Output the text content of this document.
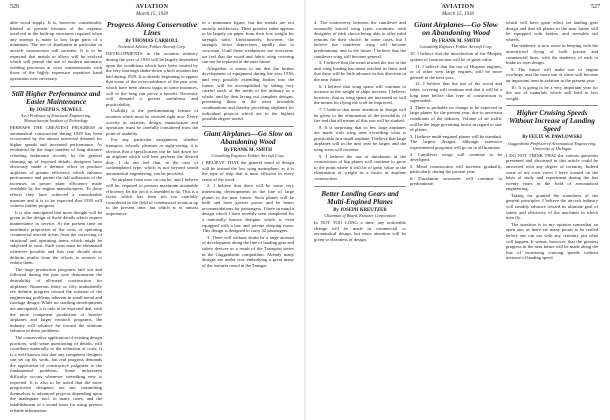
526	AVIATION
March 15, 1930

able wood supply. It is, however, considerably limited at present because of the expense involved in the built-up structures required when any attempt is made to box large parts of a minimum. The use of duralumin in particular in aircraft construction will increase. It is to be expected that metals or alloys will be evolved which will permit the use of modern automatic welding processes at costs commensurate with those of the highly expensive repetitive hand operations now necessary.

Still Higher Performance and Easier Maintenance

By JOSEPH S. NEWELL

Ass't Professor of Structural Engineering, Massachusetts Institute of Technology

PERHAPS THE GREATEST PROGRESS in aeronautical construction during 1929 has been occasioned by the almost universal demand for higher speeds and increased performance. As evidenced by the large number of long distance refueling endurance records, by the general cleaning up of exposed details, designers have obviously made a definite effort to produce airplanes of greater efficiency which enhance performance and permit the full utilization of the increases in power plant efficiency made available by the engine manufacturers. To these efforts they have achieved a considerable measure and it is to be expected that 1930 will witness further progress.

It is also anticipated that more thought will be given to the design of those details which require maintenance in service. At the present time an inordinate proportion of the costs of operating commercial aircraft arises from the correcting of structural and operating items which might be subjected to wear. Such costs must be eliminated wherever possible and this year should show definite results from the efforts to remove or reduce them.

The large production programs laid out and followed during the past year demonstrate the desirability of all-metal construction for airplanes. Numerous thirty or fifty undoubtedly see definite progress toward the solution of the engineering problems inherent in small metal and fuselage design. While no startling developments are anticipated, it is only to be expected that, with the more competent production of heavier airplanes and larger research programs, the industry will advance far toward the ultimate solution of these problems.

The conservative application of existing design practices, with some questioning of details, will contribute materially to the reduction of costs. It is a well-known fact that any competent designer can set up his work, but real progress demands the application of constructive judgment to the fundamental problems. Some unforeseen difficulty occurs whenever something new is expected. It is also to be noted that the more progressive designers are not committing themselves to advanced projects depending upon the inadequate tool, in many cases, and the establishment of a sound basis for using present reliable information.

Progress Along Conservative Lines

By THOMAS CARROLL

Technical Advisor, Fokker Aircraft Corp.

DEVELOPMENTS in the aviation industry during the year of 1930 will be largely dependent upon the conditions which have been created by the very thorough shake-down which aviation has had during 1929. It is already beginning to appear that some of the overconfidence of the past year, which have been almost tragic in some instances, will in the long run prove a benefit. Necessity will demand a greater usefulness and practicability.

Usability is the predominating feature of aviation which must be stressed right now. Every activity in aviation, design, manufacture and operation, must be carefully considered from the point of usability.

For any particular assignment, whether transport, schools, pleasure or sight-seeing, it is obvious that a specification can be laid down for an airplane which will best perform the desired duty. I do not feel that, in the case of contemplated type, which is not beyond sound aeronautical engineering, can be provided.

An airplane from now on can be, and I believe will be, required to possess maximum attainable efficiency for the job it is intended to do. This is a factor which has been not too carefully considered in the field of commercial aviation up to the present time, but which is of utmost importance.

in a minimum figure, but the metals are not entirely satisfactory. Their greatest value appears to be largely on paper from their low weight for strength ratio. Unfortunately, however, the strength factor depreciates rapidly due to corrosion. Until these weaknesses are overcome, we feel that the wood and fabric wing covering can not be replaced in the near future.

Altogether, it seems to me that the further development of equipment during the year 1930, and very possibly extending further into the future, will be accomplished by taking very careful stock of the needs of the industry as a whole, and by then laying out complete designs, presenting them in the most favorable combinations and thereby providing airplanes for individual projects which are to the highest possible degree useful.

Giant Airplanes—Go Slow on Abandoning Wood

By FRANK M. SMITH

Consulting Engineer, Fokker Aircraft Corp.

I BELIEVE THAT the general trend of design will be toward the low wing monoplane, as it is the type of ship that is most efficient in every sense of the word.

2. I believe that there will be some very interesting developments in the line of large planes in the near future. Such planes will be built and have greater power and be better accommodations for passengers. I have in mind a design which I have recently seen completed for a nationally known designer which is even equipped with a bar, and private sleeping room. This design is designed to carry 32 passengers.

3. There will without doubt be a large amount of development along the line of landing gear and safety devices as a result of the Transport series in the Guggenheim competition. Already many designs are under way embodying a great many of the features noted in the Tanager.

527
AVIATION
March 15, 1930

4. The controversy between the cantilever and externally braced wing types continues, with designers of each choice being able to offer valid reasons for their choice. In some cases, but I believe the cantilever wing will become predominant, and in the future, I believe that the cantilever wing will become general.

5. I believe that the trend toward the rise in the unit wing loading has about reached its limit, and that there will be little advance in this direction in the near future.

6. I believe that wing spans will continue to increase as the weight of ships increase. I believe, however, that as wing spans are increased so will the means for flying the craft be improved.

7. I believe that more attention in design will be given to the elimination of the possibility of fire and that all means of this sort will be studied.

8. It is surprising that so few large airplanes are made with wing area exceeding what is practicable in a small airplane. I believe that large airplanes will in the next year be larger, and the wing areas will increase.

9. I believe the use of duralumin in the construction of big planes will continue to grow to the point where it will be of great value in the elimination of weight as a factor in airplane construction.

Better Landing Gears and Multi-Engined Planes

By JOSEPH KREUTZER

Chairman of Board, Kreutzer Corporation

In NOT TOO LONG a time, any noticeable change will be made in commercial or aeronautical design, but more attention will be given to cleanness of design.

Giant Airplanes—Go Slow on Abandoning Wood

By FRANK M. SMITH

Consulting Engineer, Fokker Aircraft Corp.

10. I believe that the introduction of the Murphy system of construction will be of great value.

11. I believe that the use of Hispano engines, or of other very large engines, will be more general in the next year.

12. I believe that the use of the wood and fabric covering will continue and that it will be a long time before that type of construction is superseded.

2. There is probably no change to be expected in large planes for the present year, due to uncertain conditions of the industry. Volume of air traffic will be the large governing factor in regard to size of planes.

3. I believe multi-engined planes will be standard. The largest designs, although extensive experimental programs will go on in all branches.

4. Cantilever wings will continue to be developed.

5. Metal construction will increase gradually, particularly during the present year.

6. Duralumin structures will continue to predominate.

which will have great effect on landing gear design and that all planes in the near future will be equipped with brakes, and steerable tail wheels.

The tendency is now more in keeping with the unrestricted flying of both private and commercial lines, with the tendency of each to make its own design.

9. The future will make use of engine cowlings, and the more use of these will become an important item in aviation in the present year.

10. It is going to be a very important year for the use of materials which will lead to less weight.

Higher Cruising Speeds Without Increase of Landing Speed

By FELIX W. PAWLOWSKI

Guggenheim Professor of Aeronautical Engineering, University of Michigan

I DO NOT THINK THAT the various questions presented and discussed in this article could be answered with any degree of certainty. Indeed some of my own views I have formed on the basis of study and experiment during the last twenty years in the field of aeronautical engineering.

Taking for granted the soundness of the general principles, I believe the aircraft industry will steadily advance toward its ultimate goal of safety and efficiency of the machines in which men fly.

The question is in my opinion somewhat an open one, as there are many points to be settled before one can say with any certainty just what will happen. It seems, however, that the greatest progress in the near future will be made along the line of increasing cruising speeds without increase of landing speed.
